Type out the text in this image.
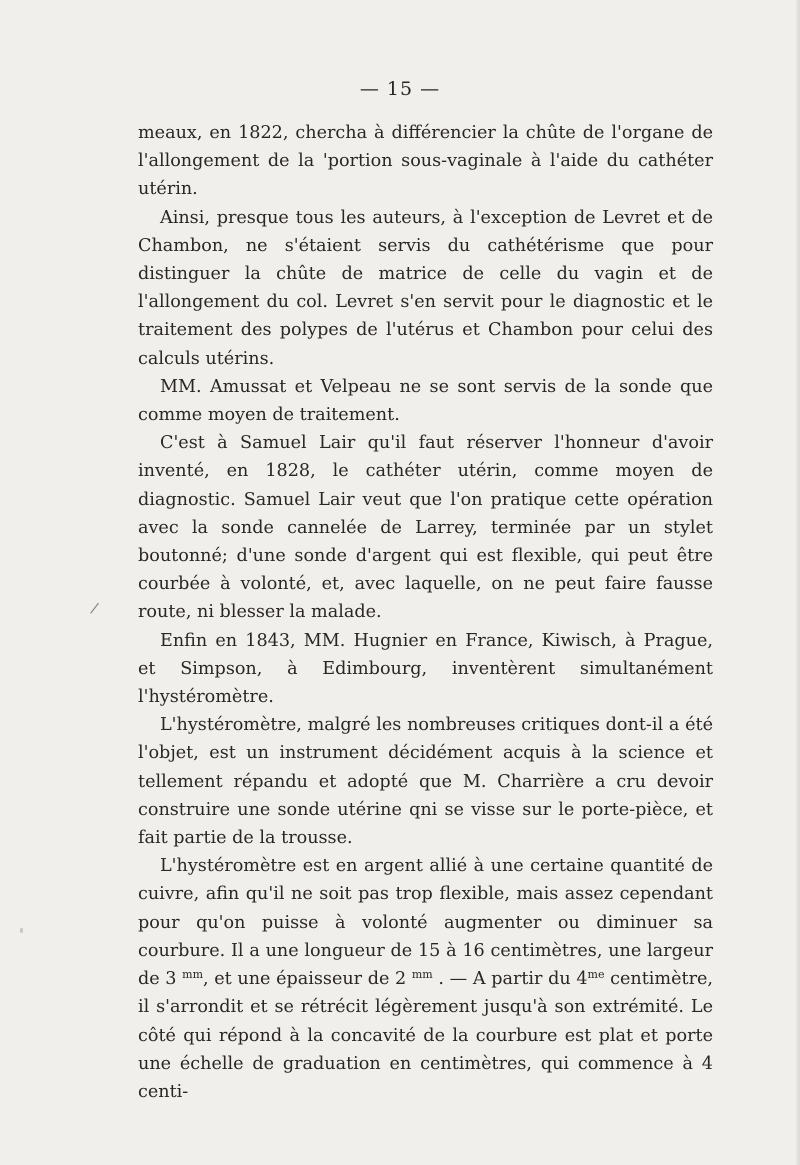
— 15 —
/

meaux, en 1822, chercha à différencier la chûte de l'organe de l'allongement de la 'portion sous-vaginale à l'aide du cathéter utérin.

Ainsi, presque tous les auteurs, à l'exception de Levret et de Chambon, ne s'étaient servis du cathétérisme que pour distinguer la chûte de matrice de celle du vagin et de l'allongement du col. Levret s'en servit pour le diagnostic et le traitement des polypes de l'utérus et Chambon pour celui des calculs utérins.

MM. Amussat et Velpeau ne se sont servis de la sonde que comme moyen de traitement.

C'est à Samuel Lair qu'il faut réserver l'honneur d'avoir inventé, en 1828, le cathéter utérin, comme moyen de diagnostic. Samuel Lair veut que l'on pratique cette opération avec la sonde cannelée de Larrey, terminée par un stylet boutonné; d'une sonde d'argent qui est flexible, qui peut être courbée à volonté, et, avec laquelle, on ne peut faire fausse route, ni blesser la malade.

Enfin en 1843, MM. Hugnier en France, Kiwisch, à Prague, et Simpson, à Edimbourg, inventèrent simultanément l'hystéromètre.

L'hystéromètre, malgré les nombreuses critiques dont-il a été l'objet, est un instrument décidément acquis à la science et tellement répandu et adopté que M. Charrière a cru devoir construire une sonde utérine qni se visse sur le porte-pièce, et fait partie de la trousse.

L'hystéromètre est en argent allié à une certaine quantité de cuivre, afin qu'il ne soit pas trop flexible, mais assez cependant pour qu'on puisse à volonté augmenter ou diminuer sa courbure. Il a une longueur de 15 à 16 centimètres, une largeur de 3 $^{mm}$, et une épaisseur de 2 $^{mm}$ . — A partir du $4^{me}$ centimètre, il s'arrondit et se rétrécit légèrement jusqu'à son extrémité. Le côté qui répond à la concavité de la courbure est plat et porte une échelle de graduation en centimètres, qui commence à 4 centi-
